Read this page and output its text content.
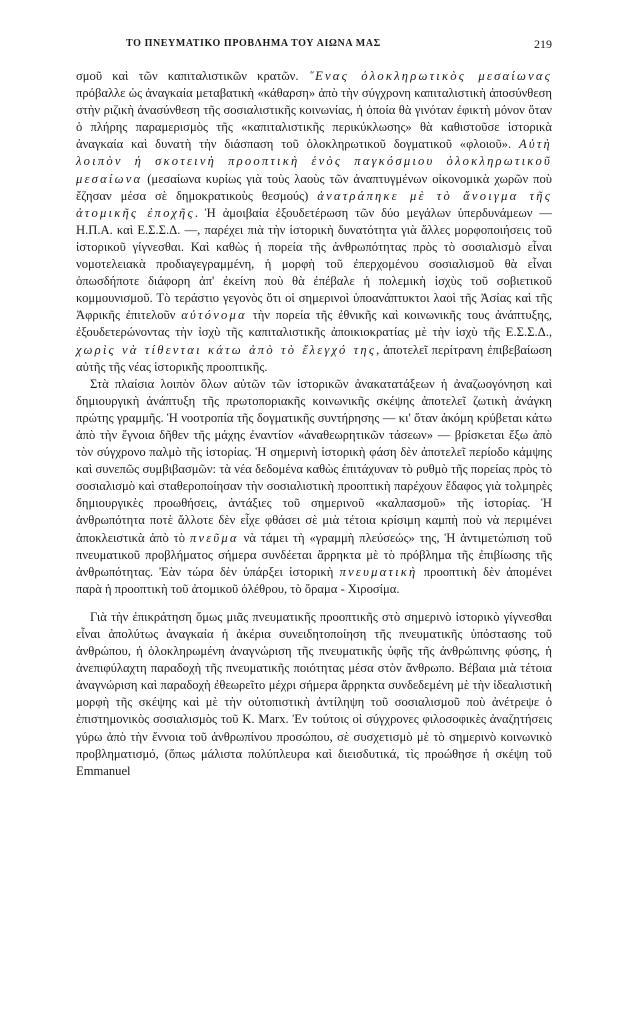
ΤΟ ΠΝΕΥΜΑΤΙΚΟ ΠΡΟΒΛΗΜΑ ΤΟΥ ΑΙΩΝΑ ΜΑΣ	219

σμοῦ καὶ τῶν καπιταλιστικῶν κρατῶν. ῞Ενας ὁλοκληρωτικὸς μεσαίωνας πρόβαλλε ὡς ἀναγκαία μεταβατικὴ «κάθαρση» ἀπὸ τὴν σύγχρονη καπιταλιστικὴ ἀποσύνθεση στὴν ριζικὴ ἀνασύνθεση τῆς σοσιαλιστικῆς κοινωνίας, ἡ ὁποία θὰ γινόταν ἐφικτὴ μόνον ὅταν ὁ πλήρης παραμερισμὸς τῆς «καπιταλιστικῆς περικύκλωσης» θὰ καθιστοῦσε ἱστορικὰ ἀναγκαία καὶ δυνατὴ τὴν διάσπαση τοῦ ὁλοκληρωτικοῦ δογματικοῦ «φλοιοῦ». Αὐτὴ λοιπὸν ἡ σκοτεινὴ προοπτικὴ ἑνὸς παγκόσμιου ὁλοκληρωτικοῦ μεσαίωνα (μεσαίωνα κυρίως γιὰ τοὺς λαοὺς τῶν ἀναπτυγμένων οἰκονομικὰ χωρῶν ποὺ ἔζησαν μέσα σὲ δημοκρατικοὺς θεσμούς) ἀνατράπηκε μὲ τὸ ἄνοιγμα τῆς ἀτομικῆς ἐποχῆς. Ἡ ἀμοιβαία ἐξουδετέρωση τῶν δύο μεγάλων ὑπερδυνάμεων — Η.Π.Α. καὶ Ε.Σ.Σ.Δ. —, παρέχει πιὰ τὴν ἱστορικὴ δυνατότητα γιὰ ἄλλες μορφοποιήσεις τοῦ ἱστορικοῦ γίγνεσθαι. Καὶ καθὼς ἡ πορεία τῆς ἀνθρωπότητας πρὸς τὸ σοσιαλισμὸ εἶναι νομοτελειακὰ προδιαγεγραμμένη, ἡ μορφὴ τοῦ ἐπερχομένου σοσιαλισμοῦ θὰ εἶναι ὁπωσδήποτε διάφορη ἀπ' ἐκείνη ποὺ θὰ ἐπέβαλε ἡ πολεμικὴ ἰσχὺς τοῦ σοβιετικοῦ κομμουνισμοῦ. Τὸ τεράστιο γεγονὸς ὅτι οἱ σημερινοὶ ὑποανάπτυκτοι λαοὶ τῆς Ἀσίας καὶ τῆς Ἀφρικῆς ἐπιτελοῦν αὐτόνομα τὴν πορεία τῆς ἐθνικῆς καὶ κοινωνικῆς τους ἀνάπτυξης, ἐξουδετερώνοντας τὴν ἰσχὺ τῆς καπιταλιστικῆς ἀποικιοκρατίας μὲ τὴν ἰσχὺ τῆς Ε.Σ.Σ.Δ., χωρὶς νὰ τίθενται κάτω ἀπὸ τὸ ἔλεγχό της, ἀποτελεῖ περίτρανη ἐπιβεβαίωση αὐτῆς τῆς νέας ἱστορικῆς προοπτικῆς.

Στὰ πλαίσια λοιπὸν ὅλων αὐτῶν τῶν ἱστορικῶν ἀνακατατάξεων ἡ ἀναζωογόνηση καὶ δημιουργικὴ ἀνάπτυξη τῆς πρωτοποριακῆς κοινωνικῆς σκέψης ἀποτελεῖ ζωτικὴ ἀνάγκη πρώτης γραμμῆς. Ἡ νοοτροπία τῆς δογματικῆς συντήρησης — κι' ὅταν ἀκόμη κρύβεται κάτω ἀπὸ τὴν ἔγνοια δῆθεν τῆς μάχης ἐναντίον «ἀναθεωρητικῶν τάσεων» — βρίσκεται ἔξω ἀπὸ τὸν σύγχρονο παλμὸ τῆς ἱστορίας. Ἡ σημερινὴ ἱστορικὴ φάση δὲν ἀποτελεῖ περίοδο κάμψης καὶ συνεπῶς συμβιβασμῶν: τὰ νέα δεδομένα καθὼς ἐπιτάχυναν τὸ ρυθμὸ τῆς πορείας πρὸς τὸ σοσιαλισμὸ καὶ σταθεροποίησαν τὴν σοσιαλιστικὴ προοπτικὴ παρέχουν ἔδαφος γιὰ τολμηρὲς δημιουργικὲς προωθήσεις, ἀντάξιες τοῦ σημερινοῦ «καλπασμοῦ» τῆς ἱστορίας. Ἡ ἀνθρωπότητα ποτὲ ἄλλοτε δὲν εἶχε φθάσει σὲ μιὰ τέτοια κρίσιμη καμπὴ ποὺ νὰ περιμένει ἀποκλειστικὰ ἀπὸ τὸ πνεῦμα νὰ τάμει τὴ «γραμμὴ πλεύσεώς» της, Ἡ ἀντιμετώπιση τοῦ πνευματικοῦ προβλήματος σήμερα συνδέεται ἄρρηκτα μὲ τὸ πρόβλημα τῆς ἐπιβίωσης τῆς ἀνθρωπότητας. Ἐὰν τώρα δὲν ὑπάρξει ἱστορικὴ πνευματικὴ προοπτικὴ δὲν ἀπομένει παρὰ ἡ προοπτικὴ τοῦ ἀτομικοῦ ὀλέθρου, τὸ ὅραμα - Χιροσίμα.

Γιὰ τὴν ἐπικράτηση ὅμως μιᾶς πνευματικῆς προοπτικῆς στὸ σημερινὸ ἱστορικὸ γίγνεσθαι εἶναι ἀπολύτως ἀναγκαία ἡ ἀκέρια συνειδητοποίηση τῆς πνευματικῆς ὑπόστασης τοῦ ἀνθρώπου, ἡ ὁλοκληρωμένη ἀναγνώριση τῆς πνευματικῆς ὑφῆς τῆς ἀνθρώπινης φύσης, ἡ ἀνεπιφύλαχτη παραδοχὴ τῆς πνευματικῆς ποιότητας μέσα στὸν ἄνθρωπο. Βέβαια μιὰ τέτοια ἀναγνώριση καὶ παραδοχὴ ἐθεωρεῖτο μέχρι σήμερα ἄρρηκτα συνδεδεμένη μὲ τὴν ἰδεαλιστικὴ μορφὴ τῆς σκέψης καὶ μὲ τὴν οὐτοπιστικὴ ἀντίληψη τοῦ σοσιαλισμοῦ ποὺ ἀνέτρεψε ὁ ἐπιστημονικὸς σοσιαλισμὸς τοῦ K. Marx. Ἐν τούτοις οἱ σύγχρονες φιλοσοφικὲς ἀναζητήσεις γύρω ἀπὸ τὴν ἔννοια τοῦ ἀνθρωπίνου προσώπου, σὲ συσχετισμὸ μὲ τὸ σημερινὸ κοινωνικὸ προβληματισμό, (ὅπως μάλιστα πολύπλευρα καὶ διεισδυτικά, τὶς προώθησε ἡ σκέψη τοῦ Emmanuel
